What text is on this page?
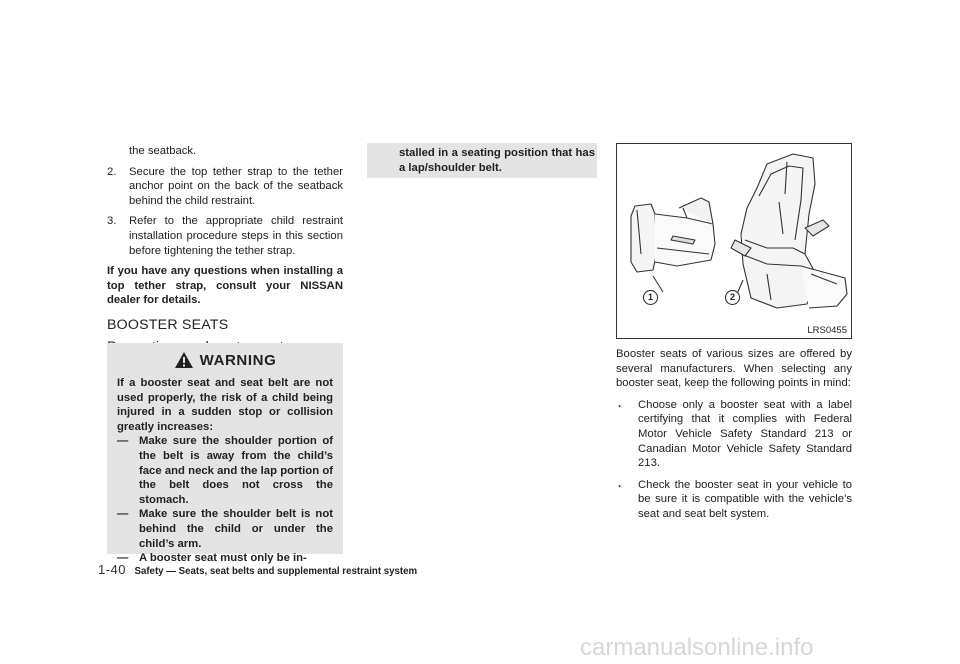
the seatback.
2. Secure the top tether strap to the tether anchor point on the back of the seatback behind the child restraint.
3. Refer to the appropriate child restraint installation procedure steps in this section before tightening the tether strap.
If you have any questions when installing a top tether strap, consult your NISSAN dealer for details.
BOOSTER SEATS
WARNING
If a booster seat and seat belt are not used properly, the risk of a child being injured in a sudden stop or collision greatly increases:
— Make sure the shoulder portion of the belt is away from the child’s face and neck and the lap portion of the belt does not cross the stomach.
— Make sure the shoulder belt is not behind the child or under the child’s arm.
— A booster seat must only be in-
stalled in a seating position that has a lap/shoulder belt.
1	2
LRS0455
Booster seats of various sizes are offered by several manufacturers. When selecting any booster seat, keep the following points in mind:
. Choose only a booster seat with a label certifying that it complies with Federal Motor Vehicle Safety Standard 213 or Canadian Motor Vehicle Safety Standard 213.
. Check the booster seat in your vehicle to be sure it is compatible with the vehicle’s seat and seat belt system.
1-40 Safety — Seats, seat belts and supplemental restraint system
carmanualsonline.info
